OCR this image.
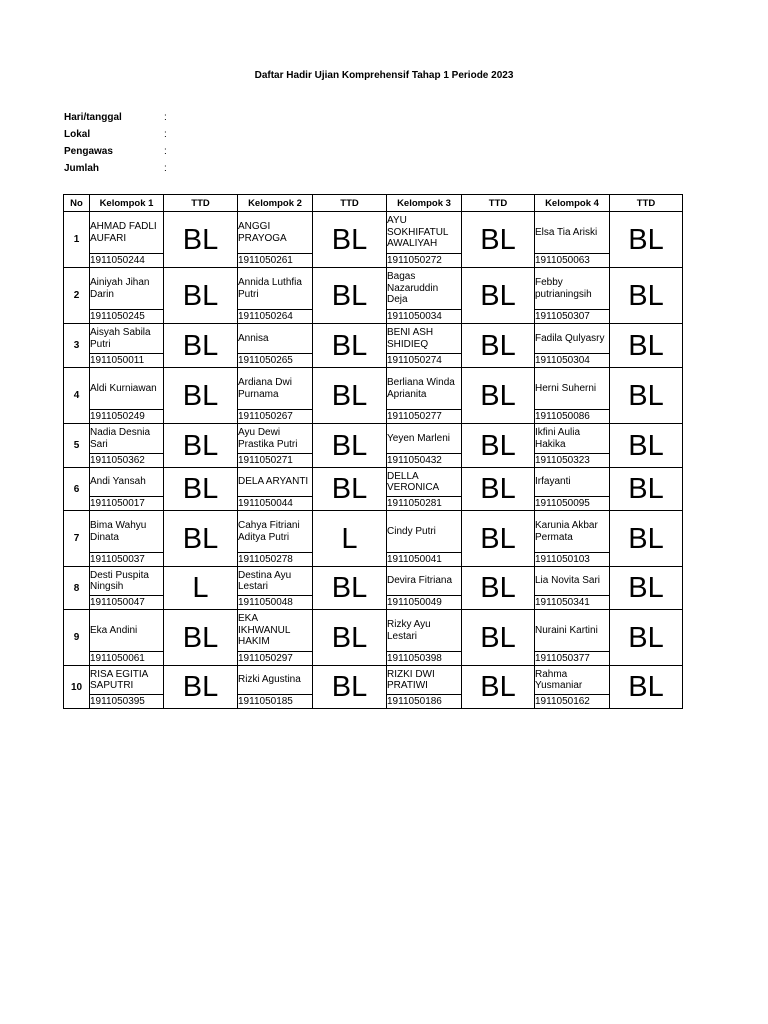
Daftar Hadir Ujian Komprehensif Tahap 1 Periode 2023
Hari/tanggal	:
Lokal	:
Pengawas	:
Jumlah	:
No	Kelompok 1	TTD	Kelompok 2	TTD	Kelompok 3	TTD	Kelompok 4	TTD
1	AHMAD FADLI AUFARI	BL	ANGGI PRAYOGA	BL	AYU SOKHIFATUL AWALIYAH	BL	Elsa Tia Ariski	BL
	1911050244		1911050261		1911050272		1911050063	
2	Ainiyah Jihan Darin	BL	Annida Luthfia Putri	BL	Bagas Nazaruddin Deja	BL	Febby putrianingsih	BL
	1911050245		1911050264		1911050034		1911050307	
3	Aisyah Sabila Putri	BL	Annisa	BL	BENI ASH SHIDIEQ	BL	Fadila Qulyasry	BL
	1911050011		1911050265		1911050274		1911050304	
4	Aldi Kurniawan	BL	Ardiana Dwi Purnama	BL	Berliana Winda Aprianita	BL	Herni Suherni	BL
	1911050249		1911050267		1911050277		1911050086	
5	Nadia Desnia Sari	BL	Ayu Dewi Prastika Putri	BL	Yeyen Marleni	BL	Ikfini Aulia Hakika	BL
	1911050362		1911050271		1911050432		1911050323	
6	Andi Yansah	BL	DELA ARYANTI	BL	DELLA VERONICA	BL	Irfayanti	BL
	1911050017		1911050044		1911050281		1911050095	
7	Bima Wahyu Dinata	BL	Cahya Fitriani Aditya Putri	L	Cindy Putri	BL	Karunia Akbar Permata	BL
	1911050037		1911050278		1911050041		1911050103	
8	Desti Puspita Ningsih	L	Destina Ayu Lestari	BL	Devira Fitriana	BL	Lia Novita Sari	BL
	1911050047		1911050048		1911050049		1911050341	
9	Eka Andini	BL	EKA IKHWANUL HAKIM	BL	Rizky Ayu Lestari	BL	Nuraini Kartini	BL
	1911050061		1911050297		1911050398		1911050377	
10	RISA EGITIA SAPUTRI	BL	Rizki Agustina	BL	RIZKI DWI PRATIWI	BL	Rahma Yusmaniar	BL
	1911050395		1911050185		1911050186		1911050162	
